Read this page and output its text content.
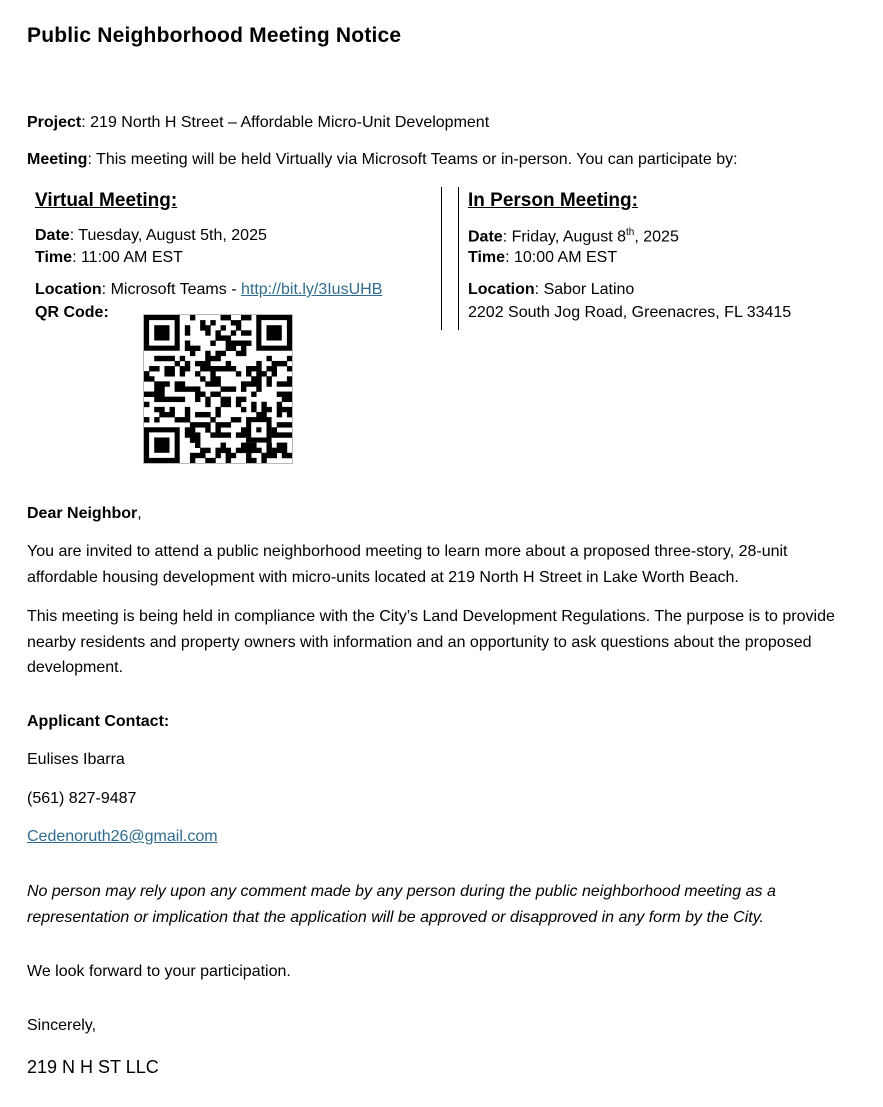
Public Neighborhood Meeting Notice
Project: 219 North H Street – Affordable Micro-Unit Development
Meeting: This meeting will be held Virtually via Microsoft Teams or in-person. You can participate by:
Virtual Meeting:
Date: Tuesday, August 5th, 2025
Time: 11:00 AM EST
Location: Microsoft Teams - http://bit.ly/3IusUHB
QR Code:
In Person Meeting:
Date: Friday, August 8th, 2025
Time: 10:00 AM EST
Location: Sabor Latino
2202 South Jog Road, Greenacres, FL 33415
Dear Neighbor,
You are invited to attend a public neighborhood meeting to learn more about a proposed three-story, 28-unit affordable housing development with micro-units located at 219 North H Street in Lake Worth Beach.
This meeting is being held in compliance with the City’s Land Development Regulations. The purpose is to provide nearby residents and property owners with information and an opportunity to ask questions about the proposed development.
Applicant Contact:
Eulises Ibarra
(561) 827-9487
Cedenoruth26@gmail.com
No person may rely upon any comment made by any person during the public neighborhood meeting as a representation or implication that the application will be approved or disapproved in any form by the City.
We look forward to your participation.
Sincerely,
219 N H ST LLC
